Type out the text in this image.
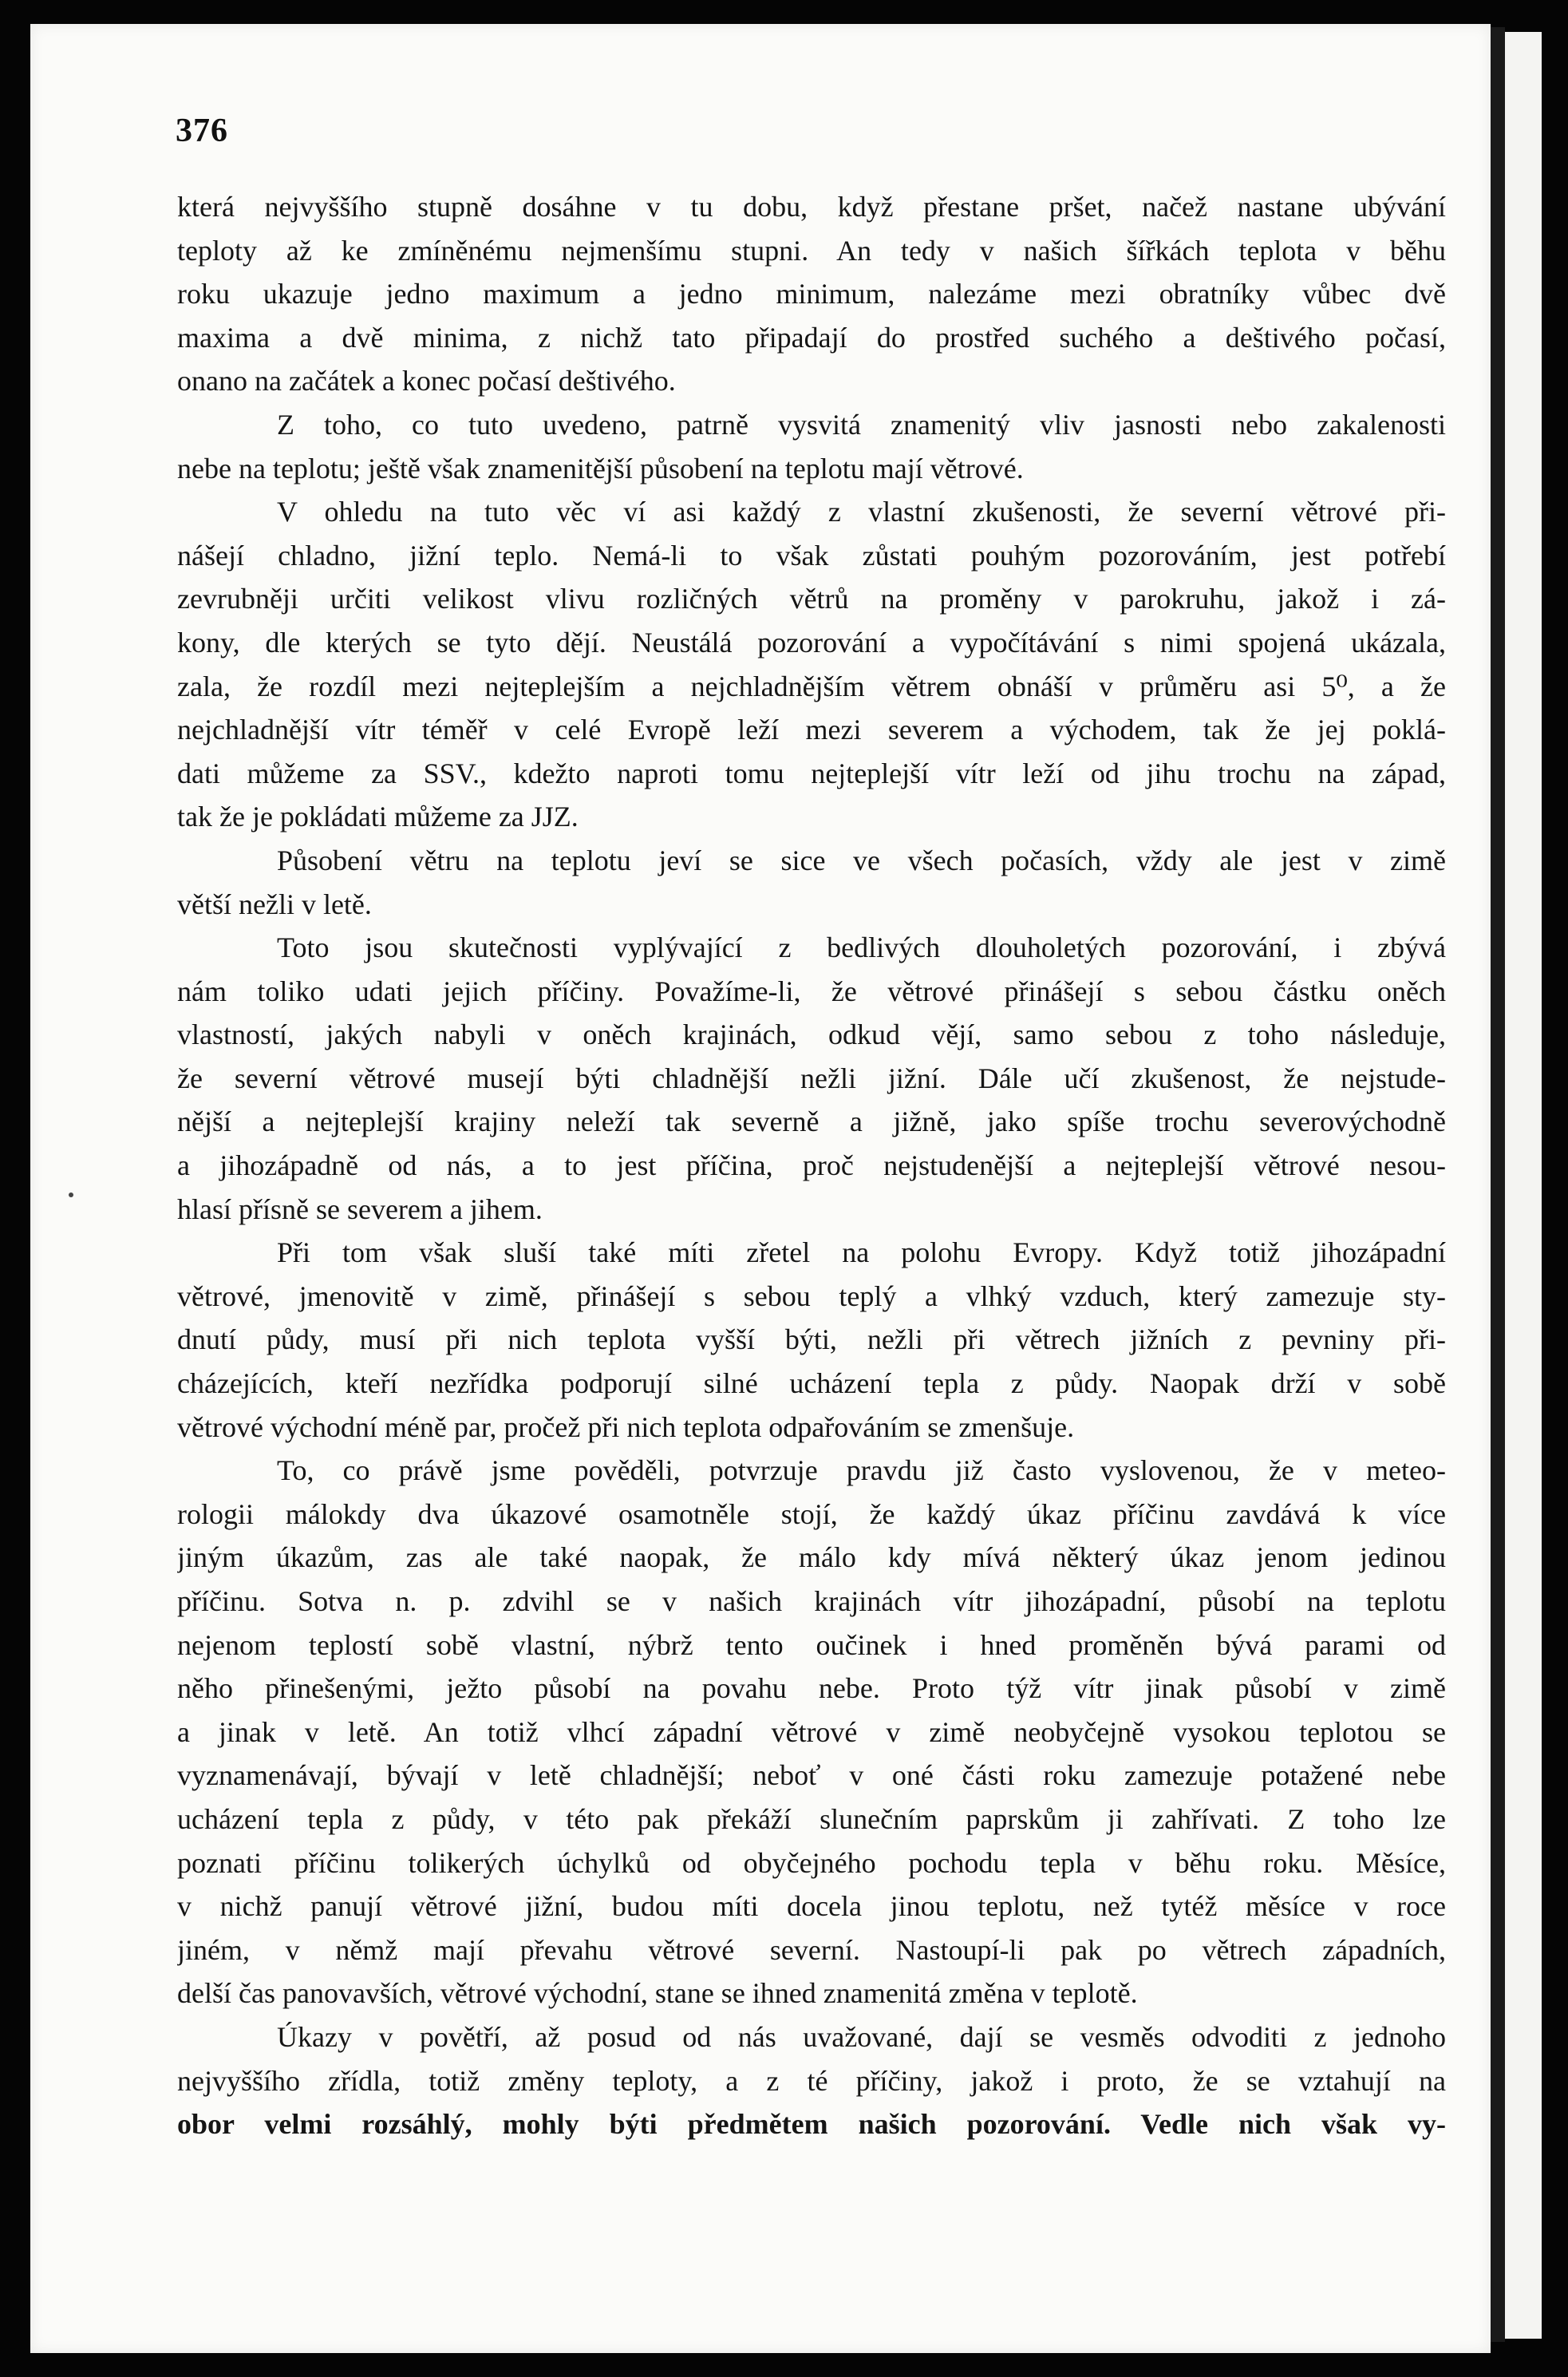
376
která nejvyššího stupně dosáhne v tu dobu, když přestane pršet, načež nastane ubývání
teploty až ke zmíněnému nejmenšímu stupni. An tedy v našich šířkách teplota v běhu
roku ukazuje jedno maximum a jedno minimum, nalezáme mezi obratníky vůbec dvě
maxima a dvě minima, z nichž tato připadají do prostřed suchého a deštivého počasí,
onano na začátek a konec počasí deštivého.
Z toho, co tuto uvedeno, patrně vysvitá znamenitý vliv jasnosti nebo zakalenosti
nebe na teplotu; ještě však znamenitější působení na teplotu mají větrové.
V ohledu na tuto věc ví asi každý z vlastní zkušenosti, že severní větrové při-
nášejí chladno, jižní teplo. Nemá-li to však zůstati pouhým pozorováním, jest potřebí
zevrubněji určiti velikost vlivu rozličných větrů na proměny v parokruhu, jakož i zá-
kony, dle kterých se tyto dějí. Neustálá pozorování a vypočítávání s nimi spojená ukázala,
zala, že rozdíl mezi nejteplejším a nejchladnějším větrem obnáší v průměru asi 5⁰, a že
nejchladnější vítr téměř v celé Evropě leží mezi severem a východem, tak že jej poklá-
dati můžeme za SSV., kdežto naproti tomu nejteplejší vítr leží od jihu trochu na západ,
tak že je pokládati můžeme za JJZ.
Působení větru na teplotu jeví se sice ve všech počasích, vždy ale jest v zimě
větší nežli v letě.
Toto jsou skutečnosti vyplývající z bedlivých dlouholetých pozorování, i zbývá
nám toliko udati jejich příčiny. Považíme-li, že větrové přinášejí s sebou částku oněch
vlastností, jakých nabyli v oněch krajinách, odkud vějí, samo sebou z toho následuje,
že severní větrové musejí býti chladnější nežli jižní. Dále učí zkušenost, že nejstude-
nější a nejteplejší krajiny neleží tak severně a jižně, jako spíše trochu severovýchodně
a jihozápadně od nás, a to jest příčina, proč nejstudenější a nejteplejší větrové nesou-
hlasí přísně se severem a jihem.
Při tom však sluší také míti zřetel na polohu Evropy. Když totiž jihozápadní
větrové, jmenovitě v zimě, přinášejí s sebou teplý a vlhký vzduch, který zamezuje sty-
dnutí půdy, musí při nich teplota vyšší býti, nežli při větrech jižních z pevniny při-
cházejících, kteří nezřídka podporují silné ucházení tepla z půdy. Naopak drží v sobě
větrové východní méně par, pročež při nich teplota odpařováním se zmenšuje.
To, co právě jsme pověděli, potvrzuje pravdu již často vyslovenou, že v meteo-
rologii málokdy dva úkazové osamotněle stojí, že každý úkaz příčinu zavdává k více
jiným úkazům, zas ale také naopak, že málo kdy mívá některý úkaz jenom jedinou
příčinu. Sotva n. p. zdvihl se v našich krajinách vítr jihozápadní, působí na teplotu
nejenom teplostí sobě vlastní, nýbrž tento oučinek i hned proměněn bývá parami od
něho přinešenými, ježto působí na povahu nebe. Proto týž vítr jinak působí v zimě
a jinak v letě. An totiž vlhcí západní větrové v zimě neobyčejně vysokou teplotou se
vyznamenávají, bývají v letě chladnější; neboť v oné části roku zamezuje potažené nebe
ucházení tepla z půdy, v této pak překáží slunečním paprskům ji zahřívati. Z toho lze
poznati příčinu tolikerých úchylků od obyčejného pochodu tepla v běhu roku. Měsíce,
v nichž panují větrové jižní, budou míti docela jinou teplotu, než tytéž měsíce v roce
jiném, v němž mají převahu větrové severní. Nastoupí-li pak po větrech západních,
delší čas panovavších, větrové východní, stane se ihned znamenitá změna v teplotě.
Úkazy v povětří, až posud od nás uvažované, dají se vesměs odvoditi z jednoho
nejvyššího zřídla, totiž změny teploty, a z té příčiny, jakož i proto, že se vztahují na
obor velmi rozsáhlý, mohly býti předmětem našich pozorování. Vedle nich však vy-
